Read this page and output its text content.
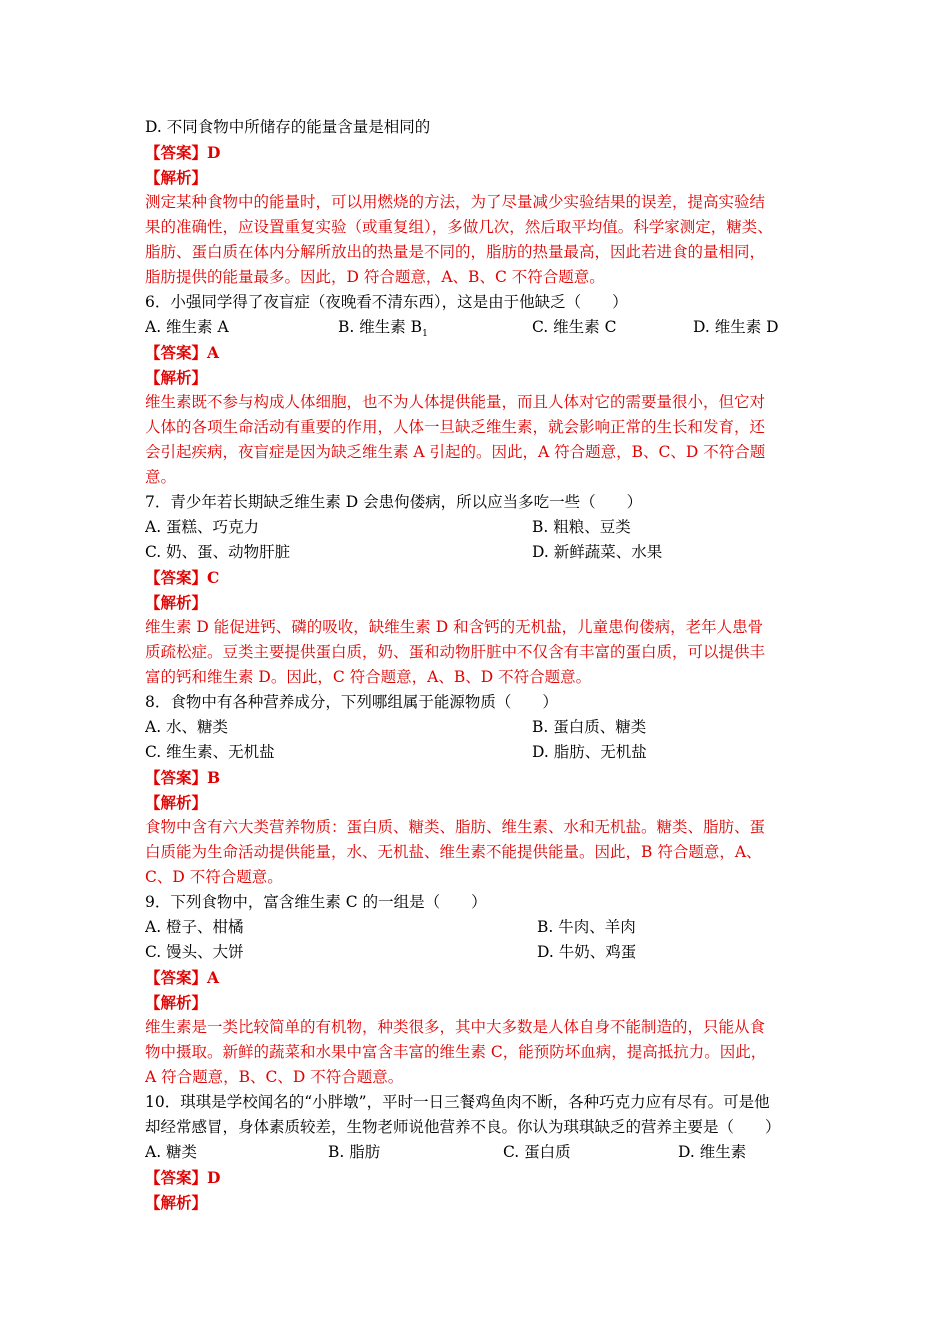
D. 不同食物中所储存的能量含量是相同的
【答案】D
【解析】
测定某种食物中的能量时，可以用燃烧的方法，为了尽量减少实验结果的误差，提高实验结
果的准确性，应设置重复实验（或重复组），多做几次，然后取平均值。科学家测定，糖类、
脂肪、蛋白质在体内分解所放出的热量是不同的，脂肪的热量最高，因此若进食的量相同，
脂肪提供的能量最多。因此，D 符合题意，A、B、C 不符合题意。
6．小强同学得了夜盲症（夜晚看不清东西），这是由于他缺乏（　　）
A. 维生素 A	B. 维生素 $B_1$	C. 维生素 C	D. 维生素 D
【答案】A
【解析】
维生素既不参与构成人体细胞，也不为人体提供能量，而且人体对它的需要量很小，但它对
人体的各项生命活动有重要的作用，人体一旦缺乏维生素，就会影响正常的生长和发育，还
会引起疾病，夜盲症是因为缺乏维生素 A 引起的。因此，A 符合题意，B、C、D 不符合题
意。
7．青少年若长期缺乏维生素 D 会患佝偻病，所以应当多吃一些（　　）
A. 蛋糕、巧克力	B. 粗粮、豆类
C. 奶、蛋、动物肝脏	D. 新鲜蔬菜、水果
【答案】C
【解析】
维生素 D 能促进钙、磷的吸收，缺维生素 D 和含钙的无机盐，儿童患佝偻病，老年人患骨
质疏松症。豆类主要提供蛋白质，奶、蛋和动物肝脏中不仅含有丰富的蛋白质，可以提供丰
富的钙和维生素 D。因此，C 符合题意，A、B、D 不符合题意。
8．食物中有各种营养成分，下列哪组属于能源物质（　　）
A. 水、糖类	B. 蛋白质、糖类
C. 维生素、无机盐	D. 脂肪、无机盐
【答案】B
【解析】
食物中含有六大类营养物质：蛋白质、糖类、脂肪、维生素、水和无机盐。糖类、脂肪、蛋
白质能为生命活动提供能量，水、无机盐、维生素不能提供能量。因此，B 符合题意，A、
C、D 不符合题意。
9．下列食物中，富含维生素 C 的一组是（　　）
A. 橙子、柑橘	B. 牛肉、羊肉
C. 馒头、大饼	D. 牛奶、鸡蛋
【答案】A
【解析】
维生素是一类比较简单的有机物，种类很多，其中大多数是人体自身不能制造的，只能从食
物中摄取。新鲜的蔬菜和水果中富含丰富的维生素 C，能预防坏血病，提高抵抗力。因此，
A 符合题意，B、C、D 不符合题意。
10．琪琪是学校闻名的“小胖墩”，平时一日三餐鸡鱼肉不断，各种巧克力应有尽有。可是他
却经常感冒，身体素质较差，生物老师说他营养不良。你认为琪琪缺乏的营养主要是（　　）
A. 糖类	B. 脂肪	C. 蛋白质	D. 维生素
【答案】D
【解析】
